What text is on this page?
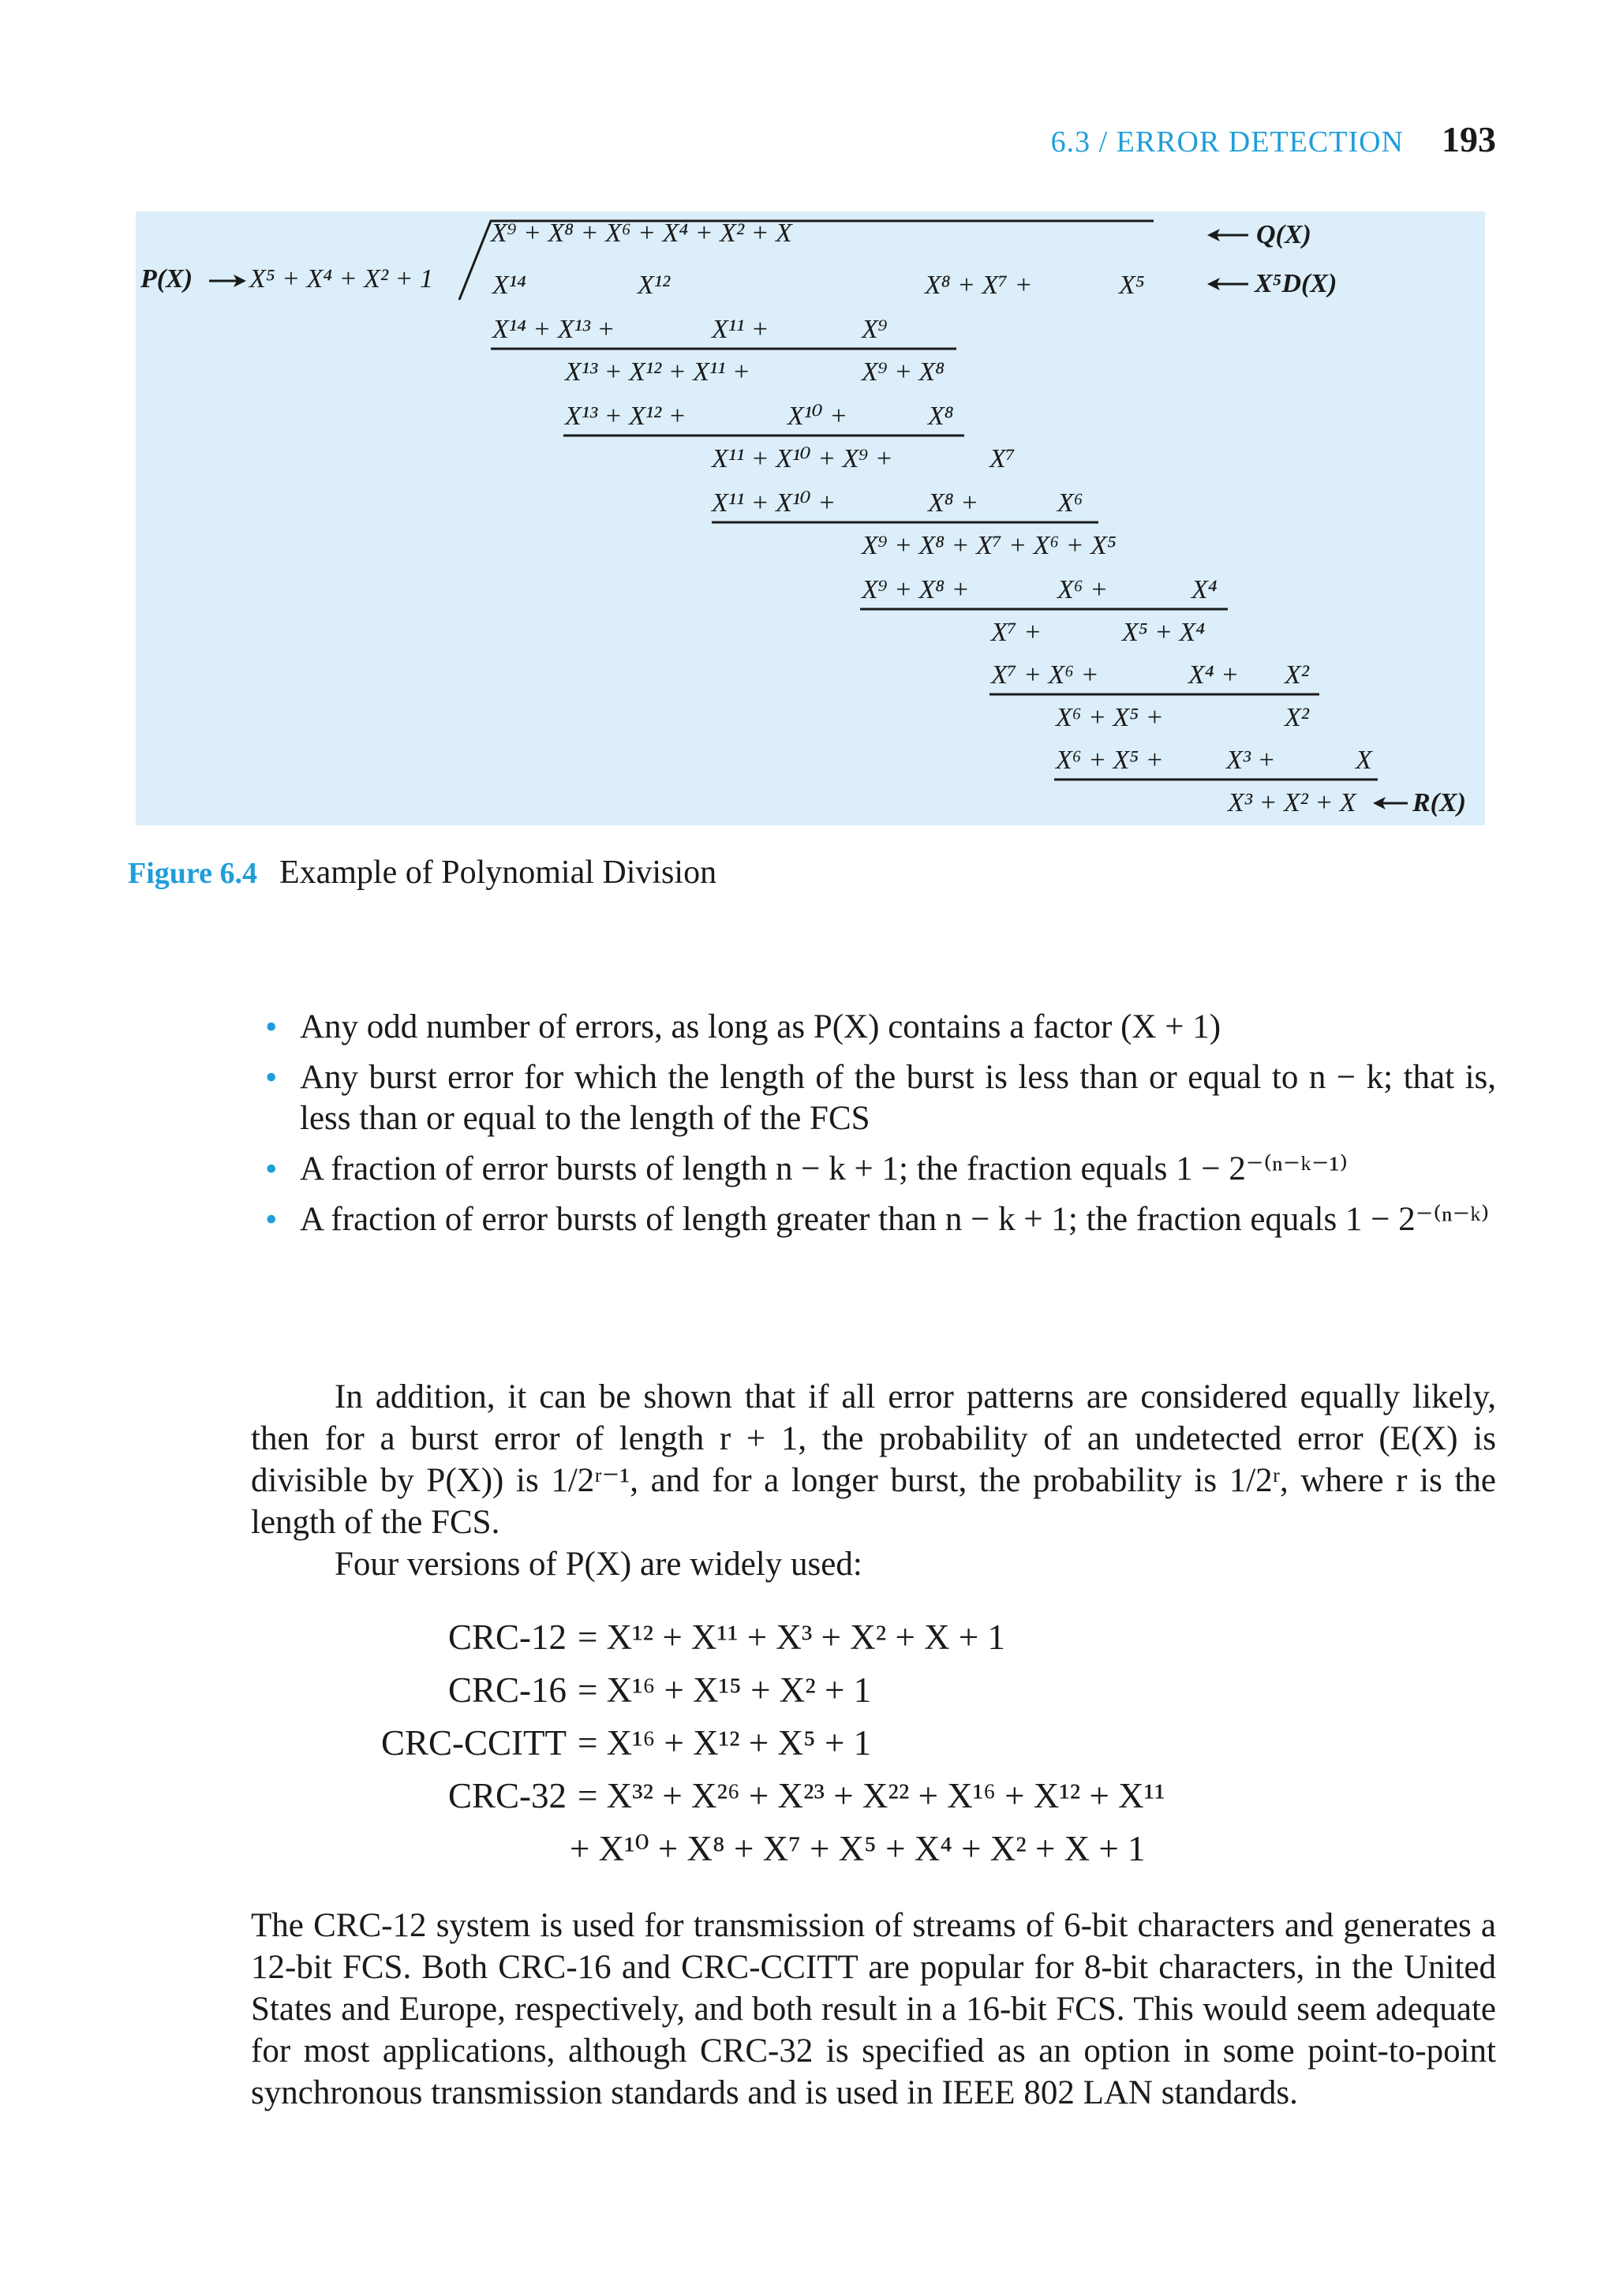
6.3 / ERROR DETECTION 193
P(X) X⁵ + X⁴ + X² + 1
X⁹ + X⁸ + X⁶ + X⁴ + X² + X	Q(X)
X⁵D(X)
X¹⁴	X¹²	X⁸ + X⁷ +	X⁵
X¹⁴ + X¹³ +	X¹¹ +	X⁹
X¹³ + X¹² + X¹¹ +	X⁹ + X⁸
X¹³ + X¹² +	X¹⁰ +	X⁸
X¹¹ + X¹⁰ + X⁹ +	X⁷
X¹¹ + X¹⁰ +	X⁸ +	X⁶
X⁹ + X⁸ + X⁷ + X⁶ + X⁵
X⁹ + X⁸ +	X⁶ +	X⁴
X⁷ +	X⁵ + X⁴
X⁷ + X⁶ +	X⁴ + X²
X⁶ + X⁵ +	X²
X⁶ + X⁵ + X³ +	X
X³ + X² + X R(X)
Figure 6.4 Example of Polynomial Division
• Any odd number of errors, as long as P(X) contains a factor (X + 1)
• Any burst error for which the length of the burst is less than or equal to n − k; that is, less than or equal to the length of the FCS
• A fraction of error bursts of length n − k + 1; the fraction equals 1 − 2⁻⁽ⁿ⁻ᵏ⁻¹⁾
• A fraction of error bursts of length greater than n − k + 1; the fraction equals 1 − 2⁻⁽ⁿ⁻ᵏ⁾

In addition, it can be shown that if all error patterns are considered equally likely, then for a burst error of length r + 1, the probability of an undetected error (E(X) is divisible by P(X)) is 1/2ʳ⁻¹, and for a longer burst, the probability is 1/2ʳ, where r is the length of the FCS.

Four versions of P(X) are widely used:

CRC-12 = X¹² + X¹¹ + X³ + X² + X + 1
CRC-16 = X¹⁶ + X¹⁵ + X² + 1
CRC-CCITT = X¹⁶ + X¹² + X⁵ + 1
CRC-32 = X³² + X²⁶ + X²³ + X²² + X¹⁶ + X¹² + X¹¹
+ X¹⁰ + X⁸ + X⁷ + X⁵ + X⁴ + X² + X + 1

The CRC-12 system is used for transmission of streams of 6-bit characters and generates a 12-bit FCS. Both CRC-16 and CRC-CCITT are popular for 8-bit characters, in the United States and Europe, respectively, and both result in a 16-bit FCS. This would seem adequate for most applications, although CRC-32 is specified as an option in some point-to-point synchronous transmission standards and is used in IEEE 802 LAN standards.
